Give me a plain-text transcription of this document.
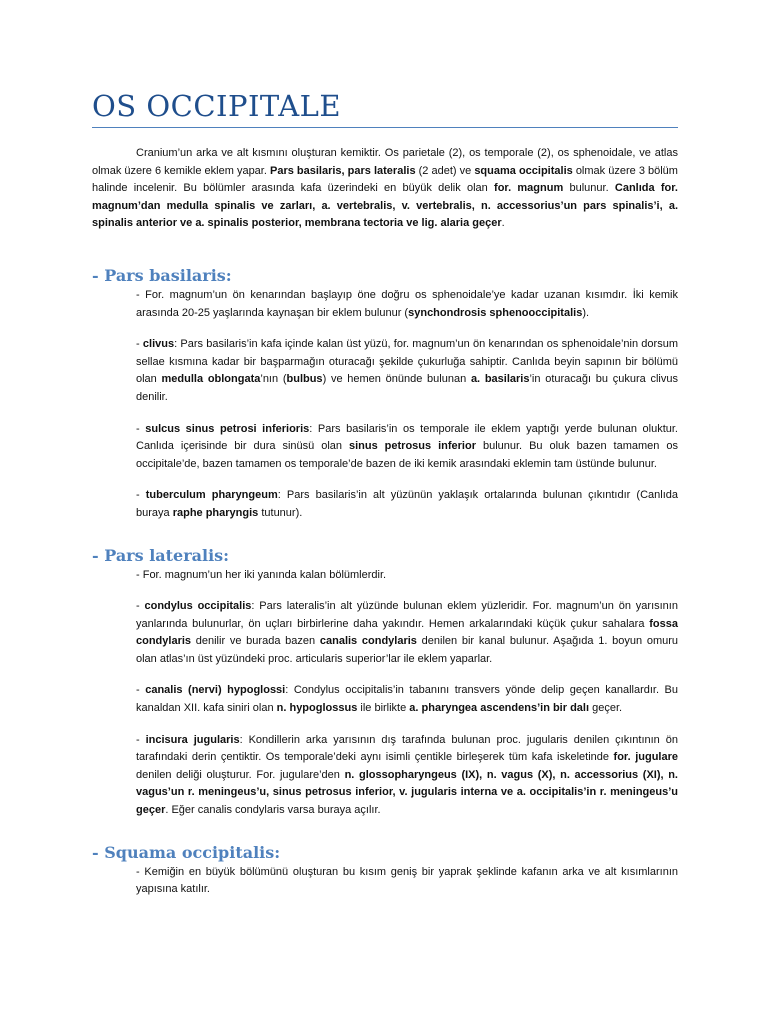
OS OCCIPITALE

Cranium’un arka ve alt kısmını oluşturan kemiktir. Os parietale (2), os temporale (2), os sphenoidale, ve atlas olmak üzere 6 kemikle eklem yapar. Pars basilaris, pars lateralis (2 adet) ve squama occipitalis olmak üzere 3 bölüm halinde incelenir. Bu bölümler arasında kafa üzerindeki en büyük delik olan for. magnum bulunur. Canlıda for. magnum’dan medulla spinalis ve zarları, a. vertebralis, v. vertebralis, n. accessorius’un pars spinalis’i, a. spinalis anterior ve a. spinalis posterior, membrana tectoria ve lig. alaria geçer.

- Pars basilaris:

- For. magnum’un ön kenarından başlayıp öne doğru os sphenoidale’ye kadar uzanan kısımdır. İki kemik arasında 20-25 yaşlarında kaynaşan bir eklem bulunur (synchondrosis sphenooccipitalis).

- clivus: Pars basilaris’in kafa içinde kalan üst yüzü, for. magnum’un ön kenarından os sphenoidale’nin dorsum sellae kısmına kadar bir başparmağın oturacağı şekilde çukurluğa sahiptir. Canlıda beyin sapının bir bölümü olan medulla oblongata’nın (bulbus) ve hemen önünde bulunan a. basilaris’in oturacağı bu çukura clivus denilir.

- sulcus sinus petrosi inferioris: Pars basilaris’in os temporale ile eklem yaptığı yerde bulunan oluktur. Canlıda içerisinde bir dura sinüsü olan sinus petrosus inferior bulunur. Bu oluk bazen tamamen os occipitale’de, bazen tamamen os temporale’de bazen de iki kemik arasındaki eklemin tam üstünde bulunur.

- tuberculum pharyngeum: Pars basilaris’in alt yüzünün yaklaşık ortalarında bulunan çıkıntıdır (Canlıda buraya raphe pharyngis tutunur).

- Pars lateralis:

- For. magnum’un her iki yanında kalan bölümlerdir.

- condylus occipitalis: Pars lateralis’in alt yüzünde bulunan eklem yüzleridir. For. magnum’un ön yarısının yanlarında bulunurlar, ön uçları birbirlerine daha yakındır. Hemen arkalarındaki küçük çukur sahalara fossa condylaris denilir ve burada bazen canalis condylaris denilen bir kanal bulunur. Aşağıda 1. boyun omuru olan atlas’ın üst yüzündeki proc. articularis superior’lar ile eklem yaparlar.

- canalis (nervi) hypoglossi: Condylus occipitalis’in tabanını transvers yönde delip geçen kanallardır. Bu kanaldan XII. kafa siniri olan n. hypoglossus ile birlikte a. pharyngea ascendens’in bir dalı geçer.

- incisura jugularis: Kondillerin arka yarısının dış tarafında bulunan proc. jugularis denilen çıkıntının ön tarafındaki derin çentiktir. Os temporale’deki aynı isimli çentikle birleşerek tüm kafa iskeletinde for. jugulare denilen deliği oluşturur. For. jugulare’den n. glossopharyngeus (IX), n. vagus (X), n. accessorius (XI), n. vagus’un r. meningeus’u, sinus petrosus inferior, v. jugularis interna ve a. occipitalis’in r. meningeus’u geçer. Eğer canalis condylaris varsa buraya açılır.

- Squama occipitalis:

- Kemiğin en büyük bölümünü oluşturan bu kısım geniş bir yaprak şeklinde kafanın arka ve alt kısımlarının yapısına katılır.
